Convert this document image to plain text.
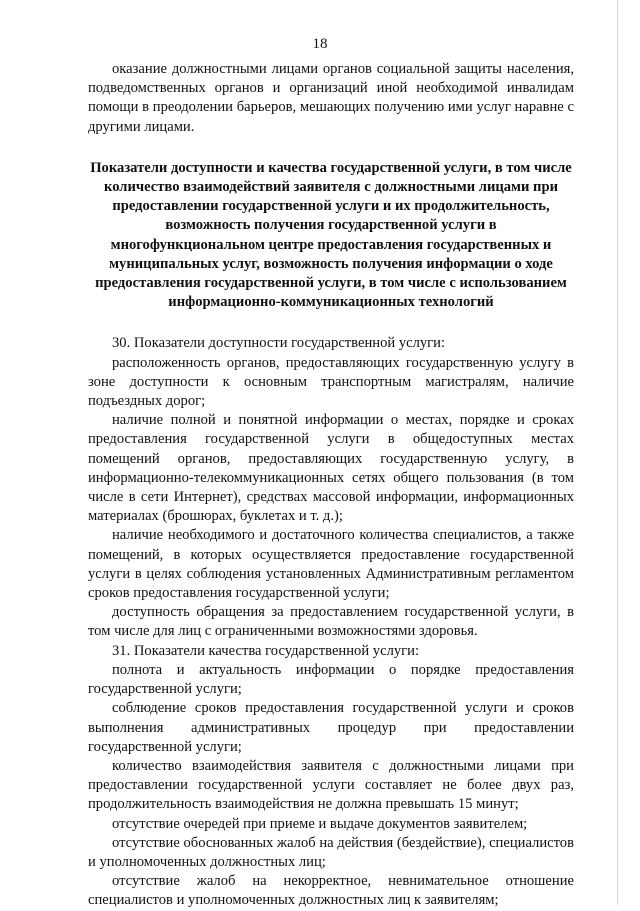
18

оказание должностными лицами органов социальной защиты населения, подведомственных органов и организаций иной необходимой инвалидам помощи в преодолении барьеров, мешающих получению ими услуг наравне с другими лицами.

Показатели доступности и качества государственной услуги, в том числе количество взаимодействий заявителя с должностными лицами при предоставлении государственной услуги и их продолжительность, возможность получения государственной услуги в многофункциональном центре предоставления государственных и муниципальных услуг, возможность получения информации о ходе предоставления государственной услуги, в том числе с использованием информационно-коммуникационных технологий

30. Показатели доступности государственной услуги:

расположенность органов, предоставляющих государственную услугу в зоне доступности к основным транспортным магистралям, наличие подъездных дорог;

наличие полной и понятной информации о местах, порядке и сроках предоставления государственной услуги в общедоступных местах помещений органов, предоставляющих государственную услугу, в информационно-телекоммуникационных сетях общего пользования (в том числе в сети Интернет), средствах массовой информации, информационных материалах (брошюрах, буклетах и т. д.);

наличие необходимого и достаточного количества специалистов, а также помещений, в которых осуществляется предоставление государственной услуги в целях соблюдения установленных Административным регламентом сроков предоставления государственной услуги;

доступность обращения за предоставлением государственной услуги, в том числе для лиц с ограниченными возможностями здоровья.

31. Показатели качества государственной услуги:

полнота и актуальность информации о порядке предоставления государственной услуги;

соблюдение сроков предоставления государственной услуги и сроков выполнения административных процедур при предоставлении государственной услуги;

количество взаимодействия заявителя с должностными лицами при предоставлении государственной услуги составляет не более двух раз, продолжительность взаимодействия не должна превышать 15 минут;

отсутствие очередей при приеме и выдаче документов заявителем;

отсутствие обоснованных жалоб на действия (бездействие), специалистов и уполномоченных должностных лиц;

отсутствие жалоб на некорректное, невнимательное отношение специалистов и уполномоченных должностных лиц к заявителям;
